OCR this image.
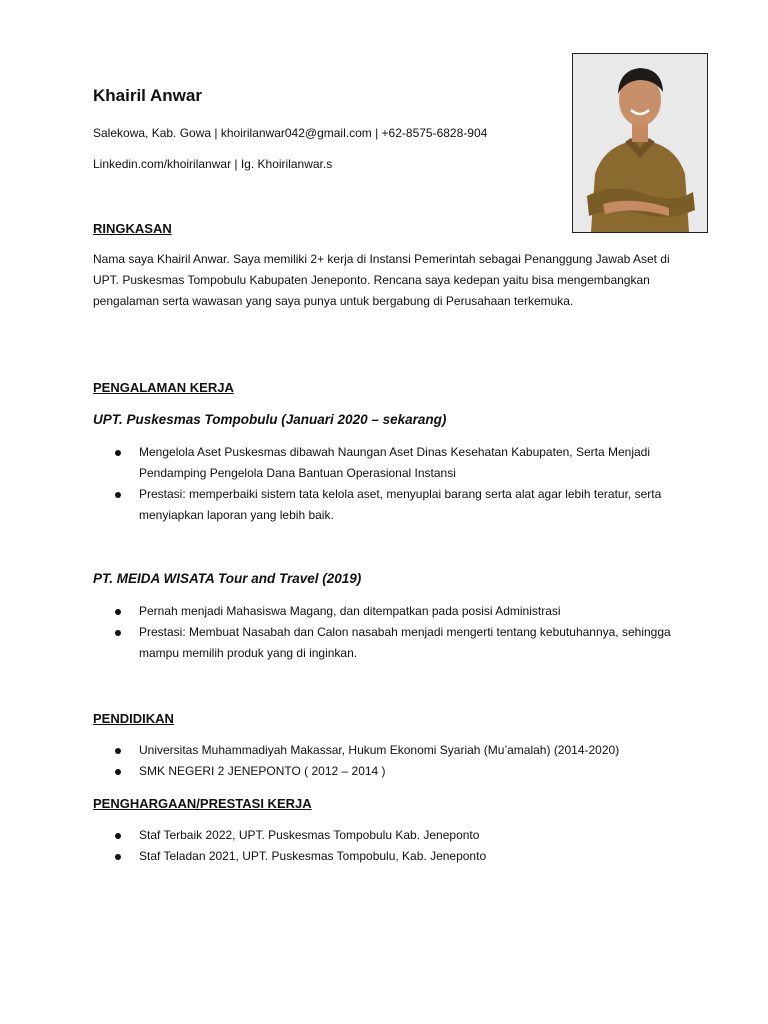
Khairil Anwar

Salekowa, Kab. Gowa | khoirilanwar042@gmail.com | +62-8575-6828-904

Linkedin.com/khoirilanwar | Ig. Khoirilanwar.s

RINGKASAN

Nama saya Khairil Anwar. Saya memiliki 2+ kerja di Instansi Pemerintah sebagai Penanggung Jawab Aset di UPT. Puskesmas Tompobulu Kabupaten Jeneponto. Rencana saya kedepan yaitu bisa mengembangkan pengalaman serta wawasan yang saya punya untuk bergabung di Perusahaan terkemuka.

PENGALAMAN KERJA
UPT. Puskesmas Tompobulu (Januari 2020 – sekarang)
Mengelola Aset Puskesmas dibawah Naungan Aset Dinas Kesehatan Kabupaten, Serta Menjadi Pendamping Pengelola Dana Bantuan Operasional Instansi
Prestasi: memperbaiki sistem tata kelola aset, menyuplai barang serta alat agar lebih teratur, serta menyiapkan laporan yang lebih baik.
PT. MEIDA WISATA Tour and Travel (2019)
Pernah menjadi Mahasiswa Magang, dan ditempatkan pada posisi Administrasi
Prestasi: Membuat Nasabah dan Calon nasabah menjadi mengerti tentang kebutuhannya, sehingga mampu memilih produk yang di inginkan.
PENDIDIKAN
Universitas Muhammadiyah Makassar, Hukum Ekonomi Syariah (Mu’amalah) (2014-2020)
SMK NEGERI 2 JENEPONTO ( 2012 – 2014 )
PENGHARGAAN/PRESTASI KERJA
Staf Terbaik 2022, UPT. Puskesmas Tompobulu Kab. Jeneponto
Staf Teladan 2021, UPT. Puskesmas Tompobulu, Kab. Jeneponto
